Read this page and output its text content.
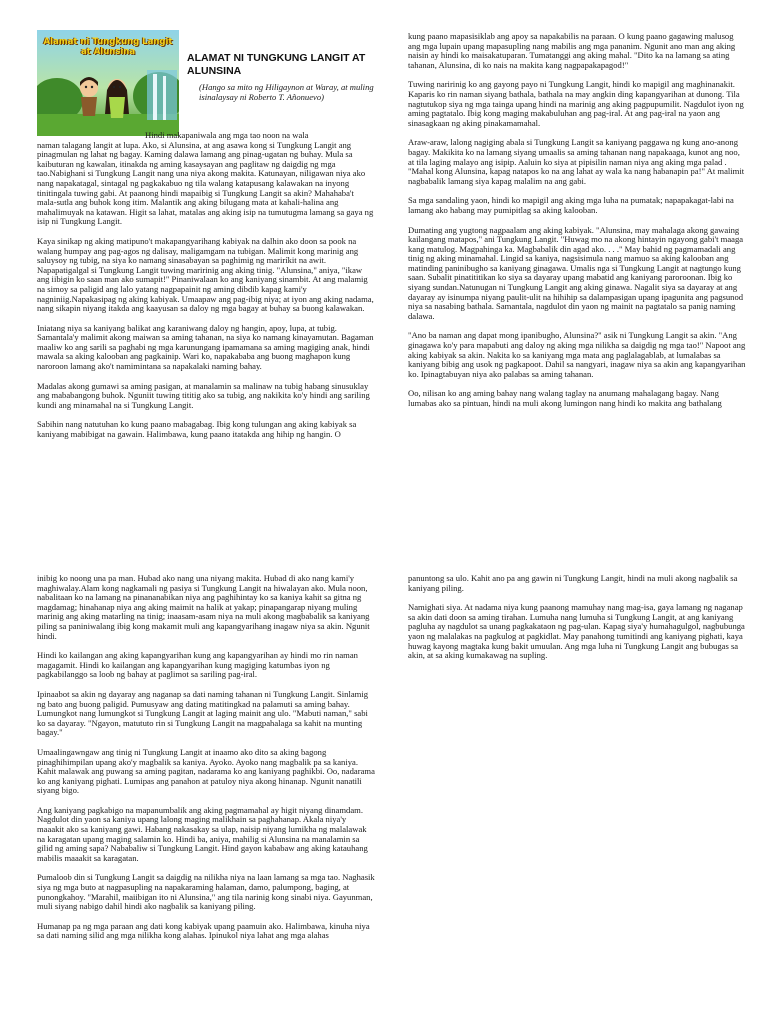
Alamat ni Tungkung Langit
at Alunsina

ALAMAT NI TUNGKUNG LANGIT AT ALUNSINA

(Hango sa mito ng Hiligaynon at Waray, at muling isinalaysay ni Roberto T. Añonuevo)

Hindi makapaniwala ang mga tao noon na wala

naman talagang langit at lupa. Ako, si Alunsina, at ang asawa kong si Tungkung Langit ang pinagmulan ng lahat ng bagay. Kaming dalawa lamang ang pinag-ugatan ng buhay. Mula sa kaibuturan ng kawalan, itinakda ng aming kasaysayan ang paglitaw ng daigdig ng mga tao.Nabighani si Tungkung Langit nang una niya akong makita. Katunayan, niligawan niya ako nang napakatagal, sintagal ng pagkakabuo ng tila walang katapusang kalawakan na inyong tinitingala tuwing gabi. At paanong hindi mapaibig si Tungkung Langit sa akin? Mahahaba't mala-sutla ang buhok kong itim. Malantik ang aking bilugang mata at kahali-halina ang mahalimuyak na katawan. Higit sa lahat, matalas ang aking isip na tumutugma lamang sa gaya ng isip ni Tungkung Langit.

Kaya sinikap ng aking matipuno't makapangyarihang kabiyak na dalhin ako doon sa pook na walang humpay ang pag-agos ng dalisay, maligamgam na tubigan. Malimit kong marinig ang saluysoy ng tubig, na siya ko namang sinasabayan sa paghimig ng mariríkit na awit. Napapatigalgal si Tungkung Langit tuwing maririnig ang aking tinig. "Alunsina," aniya, "ikaw ang iibigin ko saan man ako sumapit!" Pinaniwalaan ko ang kaniyang sinambit. At ang malamig na simoy sa paligid ang lalo yatang nagpapainit ng aming dibdib kapag kami'y nagniniig.Napakasipag ng aking kabiyak. Umaapaw ang pag-ibig niya; at iyon ang aking nadama, nang sikapin niyang itakda ang kaayusan sa daloy ng mga bagay at buhay sa buong kalawakan.

Iniatang niya sa kaniyang balikat ang karaniwang daloy ng hangin, apoy, lupa, at tubig. Samantala'y malimit akong maiwan sa aming tahanan, na siya ko namang kinayamutan. Bagaman maaliw ko ang sarili sa paghabi ng mga karunungang ipamamana sa aming magiging anak, hindi mawala sa aking kalooban ang pagkainip. Wari ko, napakababa ang buong maghapon kung naroroon lamang ako't namimintana sa napakalaki naming bahay.

Madalas akong gumawi sa aming pasigan, at manalamin sa malinaw na tubig habang sinusuklay ang mababangong buhok. Nguniit tuwing tititig ako sa tubig, ang nakikita ko'y hindi ang sariling kundi ang minamahal na si Tungkung Langit.

Sabihin nang natutuhan ko kung paano mabagabag. Ibig kong tulungan ang aking kabiyak sa kaniyang mabibigat na gawain. Halimbawa, kung paano itatakda ang hihip ng hangin. O

kung paano mapasisiklab ang apoy sa napakabilis na paraan. O kung paano gagawing malusog ang mga lupain upang mapasupling nang mabilis ang mga pananim. Ngunit ano man ang aking naisin ay hindi ko maisakatuparan. Tumatanggi ang aking mahal. "Dito ka na lamang sa ating tahanan, Alunsina, di ko nais na makita kang nagpapakapagod!"

Tuwing naririnig ko ang gayong payo ni Tungkung Langit, hindi ko mapigil ang maghinanakit. Kaparis ko rin naman siyang bathala, bathala na may angkin ding kapangyarihan at dunong. Tila nagtutukop siya ng mga tainga upang hindi na marinig ang aking pagpupumilit. Nagdulot iyon ng aming pagtatalo. Ibig kong maging makabuluhan ang pag-iral. At ang pag-iral na yaon ang sinasagkaan ng aking pinakamamahal.

Araw-araw, lalong nagiging abala si Tungkung Langit sa kaniyang paggawa ng kung ano-anong bagay. Makikita ko na lamang siyang umaalis sa aming tahanan nang napakaaga, kunot ang noo, at tila laging malayo ang isipip. Aaluin ko siya at pipisilin naman niya ang aking mga palad . "Mahal kong Alunsina, kapag natapos ko na ang lahat ay wala ka nang habanapin pa!" At malimit nagbabalik lamang siya kapag malalim na ang gabi.

Sa mga sandaling yaon, hindi ko mapigil ang aking mga luha na pumatak; napapakagat-labi na lamang ako habang may pumipitlag sa aking kalooban.

Dumating ang yugtong nagpaalam ang aking kabiyak. "Alunsina, may mahalaga akong gawaing kailangang matapos," ani Tungkung Langit. "Huwag mo na akong hintayin ngayong gabi't maaga kang matulog. Magpahinga ka. Magbabalik din agad ako. . . ." May bahid ng pagmamadali ang tinig ng aking minamahal. Lingid sa kaniya, nagsisimula nang mamuo sa aking kalooban ang matinding paninibugho sa kaniyang ginagawa. Umalis nga si Tungkung Langit at nagtungo kung saan. Subalit pinatititikan ko siya sa dayaray upang mabatid ang kaniyang paroroonan. Ibig ko siyang sundan.Natunugan ni Tungkung Langit ang aking ginawa. Nagalit siya sa dayaray at ang dayaray ay isinumpa niyang paulit-ulit na hihihip sa dalampasigan upang ipagunita ang pagsunod niya sa nasabing bathala. Samantala, nagdulot din yaon ng mainit na pagtatalo sa panig naming dalawa.

"Ano ba naman ang dapat mong ipanibugho, Alunsina?" asik ni Tungkung Langit sa akin. "Ang ginagawa ko'y para mapabuti ang daloy ng aking mga nilikha sa daigdig ng mga tao!" Napoot ang aking kabiyak sa akin. Nakita ko sa kaniyang mga mata ang paglalagablab, at lumalabas sa kaniyang bibig ang usok ng pagkapoot. Dahil sa nangyari, inagaw niya sa akin ang kapangyarihan ko. Ipinagtabuyan niya ako palabas sa aming tahanan.

Oo, nilisan ko ang aming bahay nang walang taglay na anumang mahalagang bagay. Nang lumabas ako sa pintuan, hindi na muli akong lumingon nang hindi ko makita ang bathalang

inibig ko noong una pa man. Hubad ako nang una niyang makita. Hubad di ako nang kami'y maghiwalay.Alam kong nagkamali ng pasiya si Tungkung Langit na hiwalayan ako. Mula noon, nabalitaan ko na lamang na pinananabikan niya ang paghihintay ko sa kaniya kahit sa gitna ng magdamag; hinahanap niya ang aking maimit na halik at yakap; pinapangarap niyang muling marinig ang aking matarling na tinig; inaasam-asam niya na muli akong magbabalik sa kaniyang piling sa paniniwalang ibig kong makamit muli ang kapangyarihang inagaw niya sa akin. Ngunit hindi.

Hindi ko kailangan ang aking kapangyarihan kung ang kapangyarihan ay hindi mo rin naman magagamit. Hindi ko kailangan ang kapangyarihan kung magiging katumbas iyon ng pagkabilanggo sa loob ng bahay at paglimot sa sariling pag-iral.

Ipinaabot sa akin ng dayaray ang naganap sa dati naming tahanan ni Tungkung Langit. Sinlamig ng bato ang buong paligid. Pumusyaw ang dating matitingkad na palamuti sa aming bahay. Lumungkot nang lumungkot si Tungkung Langit at laging mainit ang ulo. "Mabuti naman," sabi ko sa dayaray. "Ngayon, matututo rin si Tungkung Langit na magpahalaga sa kahit na munting bagay."

Umaalingawngaw ang tinig ni Tungkung Langit at inaamo ako dito sa aking bagong pinaghihimpilan upang ako'y magbalik sa kaniya. Ayoko. Ayoko nang magbalik pa sa kaniya. Kahit malawak ang puwang sa aming pagitan, nadarama ko ang kaniyang paghikbi. Oo, nadarama ko ang kaniyang pighati. Lumipas ang panahon at patuloy niya akong hinanap. Ngunit nanatili siyang bigo.

Ang kaniyang pagkabigo na mapanumbalik ang aking pagmamahal ay higit niyang dinamdam. Nagdulot din yaon sa kaniya upang lalong maging malikhain sa paghahanap. Akala niya'y maaakit ako sa kaniyang gawi. Habang nakasakay sa ulap, naisip niyang lumikha ng malalawak na karagatan upang maging salamin ko. Hindi ba, aniya, mahilig si Alunsina na manalamin sa gilid ng aming sapa? Nababaliw si Tungkung Langit. Hind gayon kababaw ang aking katauhang mabilis maaakit sa karagatan.

Pumaloob din si Tungkung Langit sa daigdig na nilikha niya na laan lamang sa mga tao. Naghasik siya ng mga buto at nagpasupling na napakaraming halaman, damo, palumpong, baging, at punongkahoy. "Marahil, maiibigan ito ni Alunsina," ang tila narinig kong sinabi niya. Gayunman, muli siyang nabigo dahil hindi ako nagbalik sa kaniyang piling.

Humanap pa ng mga paraan ang dati kong kabiyak upang paamuin ako. Halimbawa, kinuha niya sa dati naming silid ang mga nilikha kong alahas. Ipinukol niya lahat ang mga alahas

panuntong sa ulo. Kahit ano pa ang gawin ni Tungkung Langit, hindi na muli akong nagbalik sa kaniyang piling.

Namighati siya. At nadama niya kung paanong mamuhay nang mag-isa, gaya lamang ng naganap sa akin dati doon sa aming tirahan. Lumuha nang lumuha si Tungkung Langit, at ang kaniyang pagluha ay nagdulot sa unang pagkakataon ng pag-ulan. Kapag siya'y humahagulgol, nagbubunga yaon ng malalakas na pagkulog at pagkidlat. May panahong tumitindi ang kaniyang pighati, kaya huwag kayong magtaka kung bakit umuulan. Ang mga luha ni Tungkung Langit ang bubugas sa akin, at sa aking kumakawag na supling.
